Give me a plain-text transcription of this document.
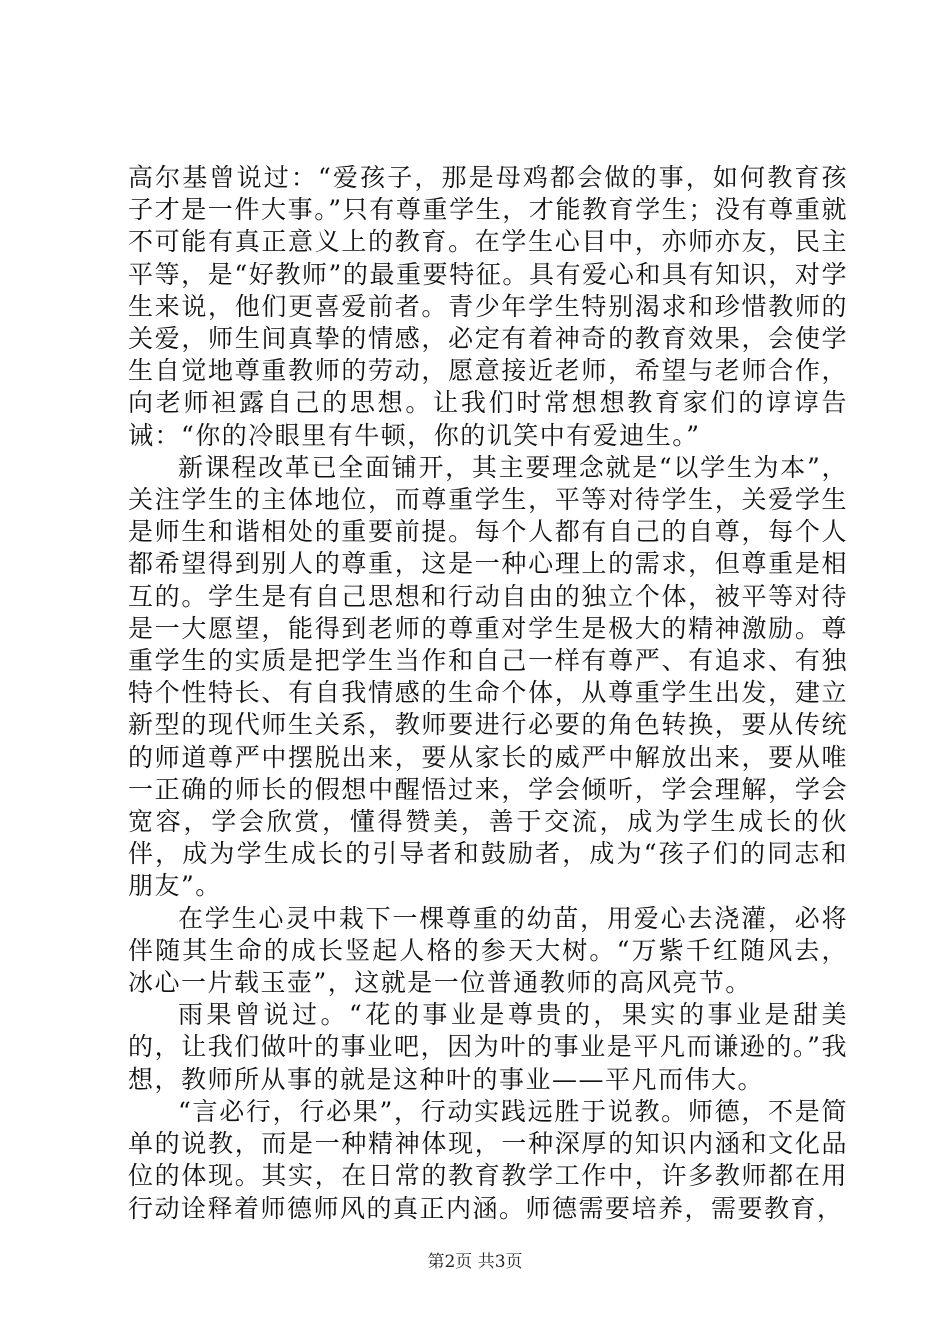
高尔基曾说过：“爱孩子，那是母鸡都会做的事，如何教育孩子才是一件大事。”只有尊重学生，才能教育学生；没有尊重就不可能有真正意义上的教育。在学生心目中，亦师亦友，民主平等，是“好教师”的最重要特征。具有爱心和具有知识，对学生来说，他们更喜爱前者。青少年学生特别渴求和珍惜教师的关爱，师生间真挚的情感，必定有着神奇的教育效果，会使学生自觉地尊重教师的劳动，愿意接近老师，希望与老师合作，向老师袒露自己的思想。让我们时常想想教育家们的谆谆告诫：“你的冷眼里有牛顿，你的讥笑中有爱迪生。”

新课程改革已全面铺开，其主要理念就是“以学生为本”，关注学生的主体地位，而尊重学生，平等对待学生，关爱学生是师生和谐相处的重要前提。每个人都有自己的自尊，每个人都希望得到别人的尊重，这是一种心理上的需求，但尊重是相互的。学生是有自己思想和行动自由的独立个体，被平等对待是一大愿望，能得到老师的尊重对学生是极大的精神激励。尊重学生的实质是把学生当作和自己一样有尊严、有追求、有独特个性特长、有自我情感的生命个体，从尊重学生出发，建立新型的现代师生关系，教师要进行必要的角色转换，要从传统的师道尊严中摆脱出来，要从家长的威严中解放出来，要从唯一正确的师长的假想中醒悟过来，学会倾听，学会理解，学会宽容，学会欣赏，懂得赞美，善于交流，成为学生成长的伙伴，成为学生成长的引导者和鼓励者，成为“孩子们的同志和朋友”。

在学生心灵中栽下一棵尊重的幼苗，用爱心去浇灌，必将伴随其生命的成长竖起人格的参天大树。“万紫千红随风去，冰心一片载玉壶”，这就是一位普通教师的高风亮节。

雨果曾说过。“花的事业是尊贵的，果实的事业是甜美的，让我们做叶的事业吧，因为叶的事业是平凡而谦逊的。”我想，教师所从事的就是这种叶的事业——平凡而伟大。

“言必行，行必果”，行动实践远胜于说教。师德，不是简单的说教，而是一种精神体现，一种深厚的知识内涵和文化品位的体现。其实，在日常的教育教学工作中，许多教师都在用行动诠释着师德师风的真正内涵。师德需要培养，需要教育，

第2页 共3页
